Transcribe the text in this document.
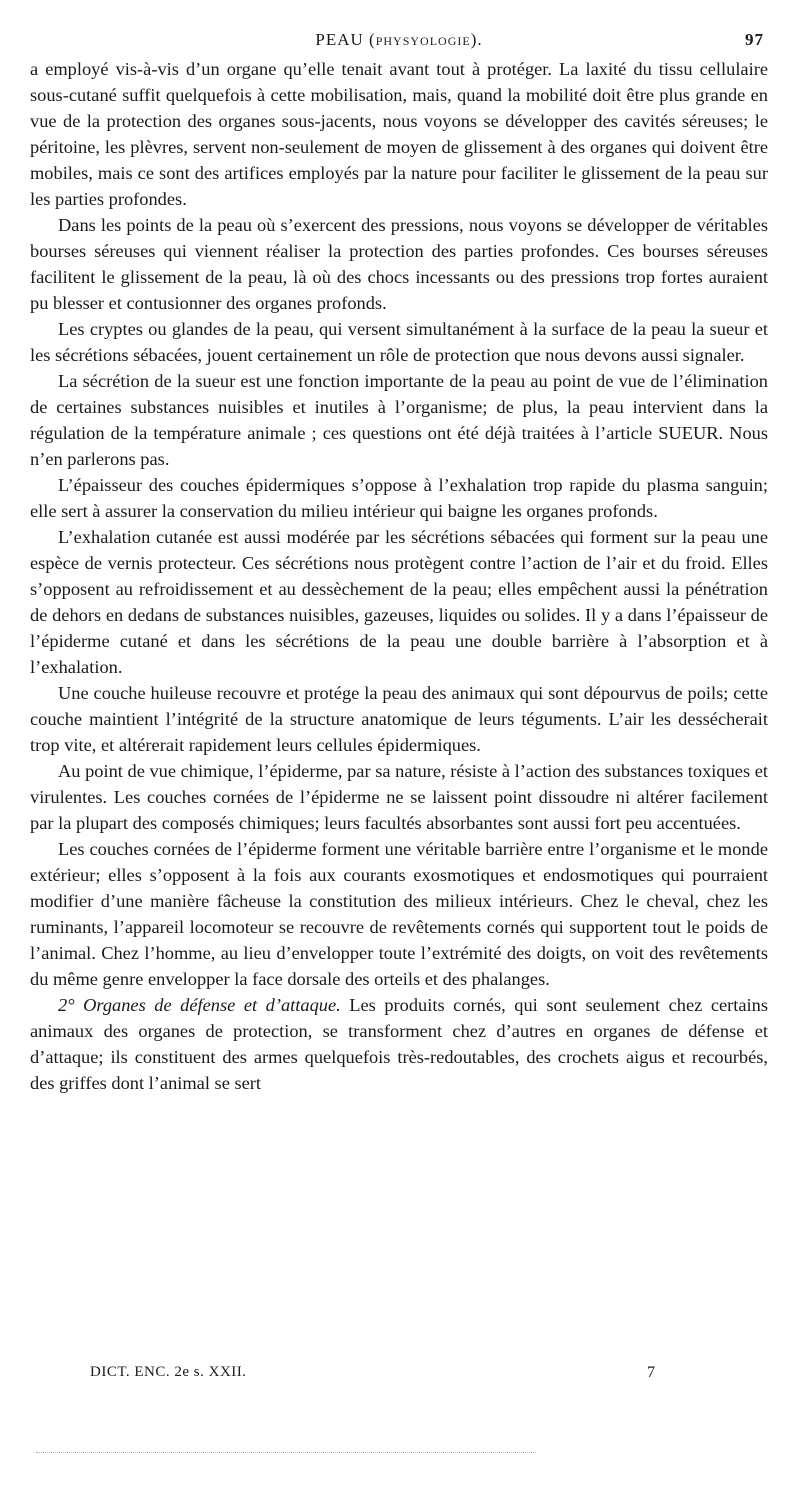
PEAU (PHYSYOLOGIE).	97

a employé vis-à-vis d’un organe qu’elle tenait avant tout à protéger. La laxité du tissu cellulaire sous-cutané suffit quelquefois à cette mobilisation, mais, quand la mobilité doit être plus grande en vue de la protection des organes sous-jacents, nous voyons se développer des cavités séreuses; le péritoine, les plèvres, servent non-seulement de moyen de glissement à des organes qui doivent être mobiles, mais ce sont des artifices employés par la nature pour faciliter le glissement de la peau sur les parties profondes.

Dans les points de la peau où s’exercent des pressions, nous voyons se développer de véritables bourses séreuses qui viennent réaliser la protection des parties profondes. Ces bourses séreuses facilitent le glissement de la peau, là où des chocs incessants ou des pressions trop fortes auraient pu blesser et contusionner des organes profonds.

Les cryptes ou glandes de la peau, qui versent simultanément à la surface de la peau la sueur et les sécrétions sébacées, jouent certainement un rôle de protection que nous devons aussi signaler.

La sécrétion de la sueur est une fonction importante de la peau au point de vue de l’élimination de certaines substances nuisibles et inutiles à l’organisme; de plus, la peau intervient dans la régulation de la température animale ; ces questions ont été déjà traitées à l’article SUEUR. Nous n’en parlerons pas.

L’épaisseur des couches épidermiques s’oppose à l’exhalation trop rapide du plasma sanguin; elle sert à assurer la conservation du milieu intérieur qui baigne les organes profonds.

L’exhalation cutanée est aussi modérée par les sécrétions sébacées qui forment sur la peau une espèce de vernis protecteur. Ces sécrétions nous protègent contre l’action de l’air et du froid. Elles s’opposent au refroidissement et au dessèchement de la peau; elles empêchent aussi la pénétration de dehors en dedans de substances nuisibles, gazeuses, liquides ou solides. Il y a dans l’épaisseur de l’épiderme cutané et dans les sécrétions de la peau une double barrière à l’absorption et à l’exhalation.

Une couche huileuse recouvre et protége la peau des animaux qui sont dépourvus de poils; cette couche maintient l’intégrité de la structure anatomique de leurs téguments. L’air les dessécherait trop vite, et altérerait rapidement leurs cellules épidermiques.

Au point de vue chimique, l’épiderme, par sa nature, résiste à l’action des substances toxiques et virulentes. Les couches cornées de l’épiderme ne se laissent point dissoudre ni altérer facilement par la plupart des composés chimiques; leurs facultés absorbantes sont aussi fort peu accentuées.

Les couches cornées de l’épiderme forment une véritable barrière entre l’organisme et le monde extérieur; elles s’opposent à la fois aux courants exosmotiques et endosmotiques qui pourraient modifier d’une manière fâcheuse la constitution des milieux intérieurs. Chez le cheval, chez les ruminants, l’appareil locomoteur se recouvre de revêtements cornés qui supportent tout le poids de l’animal. Chez l’homme, au lieu d’envelopper toute l’extrémité des doigts, on voit des revêtements du même genre envelopper la face dorsale des orteils et des phalanges.

2° Organes de défense et d’attaque. Les produits cornés, qui sont seulement chez certains animaux des organes de protection, se transforment chez d’autres en organes de défense et d’attaque; ils constituent des armes quelquefois très-redoutables, des crochets aigus et recourbés, des griffes dont l’animal se sert

DICT. ENC. 2e s. XXII.	7
